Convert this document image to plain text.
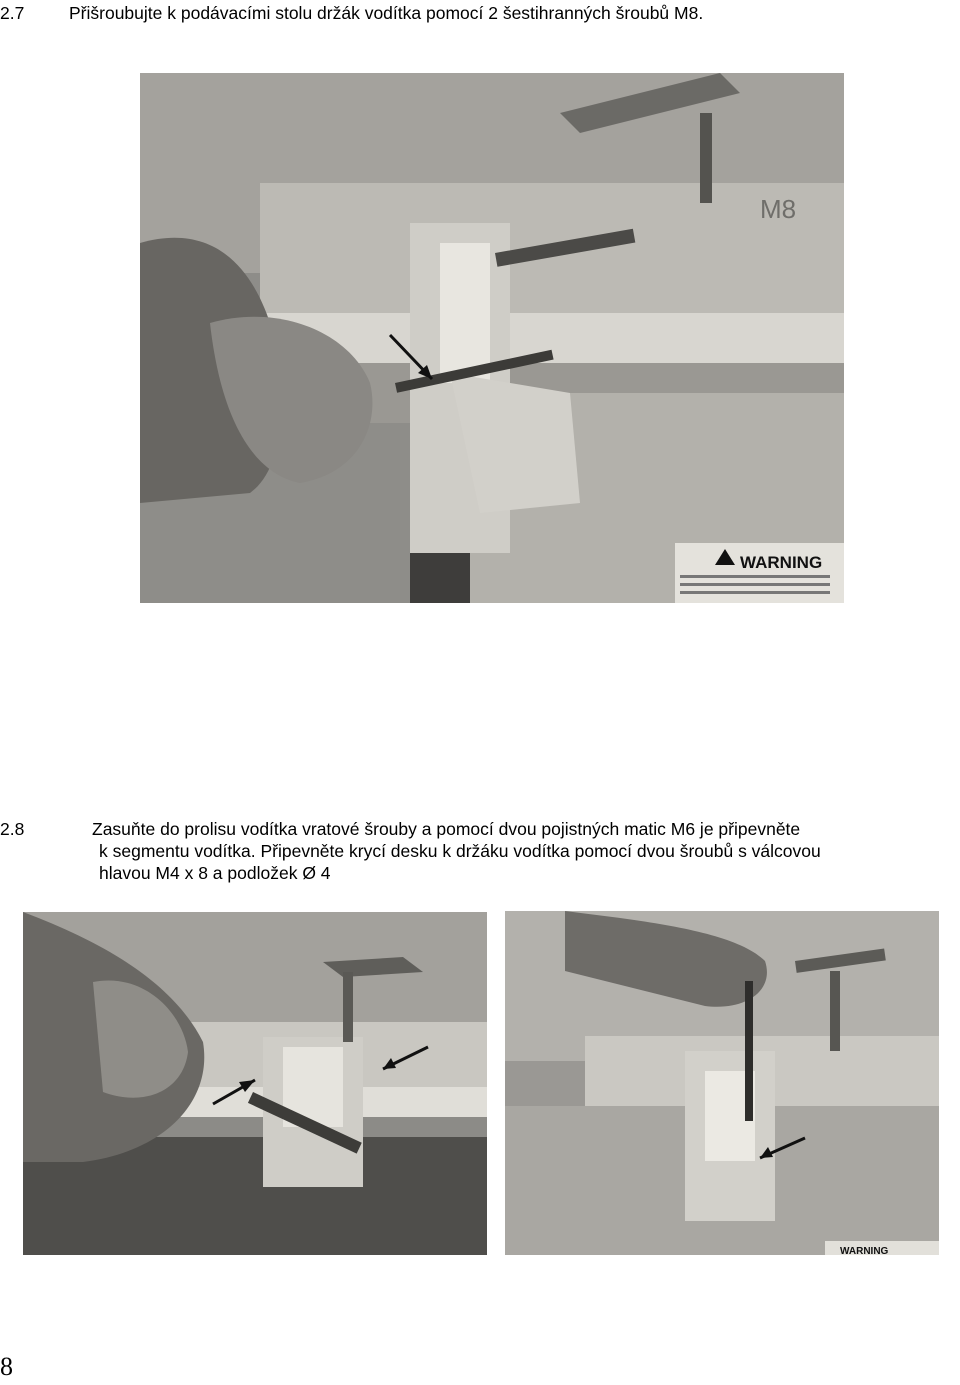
2.7	Přišroubujte k podávacími stolu držák vodítka pomocí 2 šestihranných šroubů M8.
WARNING
M8
2.8	Zasuňte do prolisu vodítka vratové šrouby a pomocí dvou pojistných matic M6 je připevněte
k segmentu vodítka. Připevněte krycí desku k držáku vodítka pomocí dvou šroubů s válcovou
hlavou M4 x 8 a podložek Ø 4
WARNING
8
